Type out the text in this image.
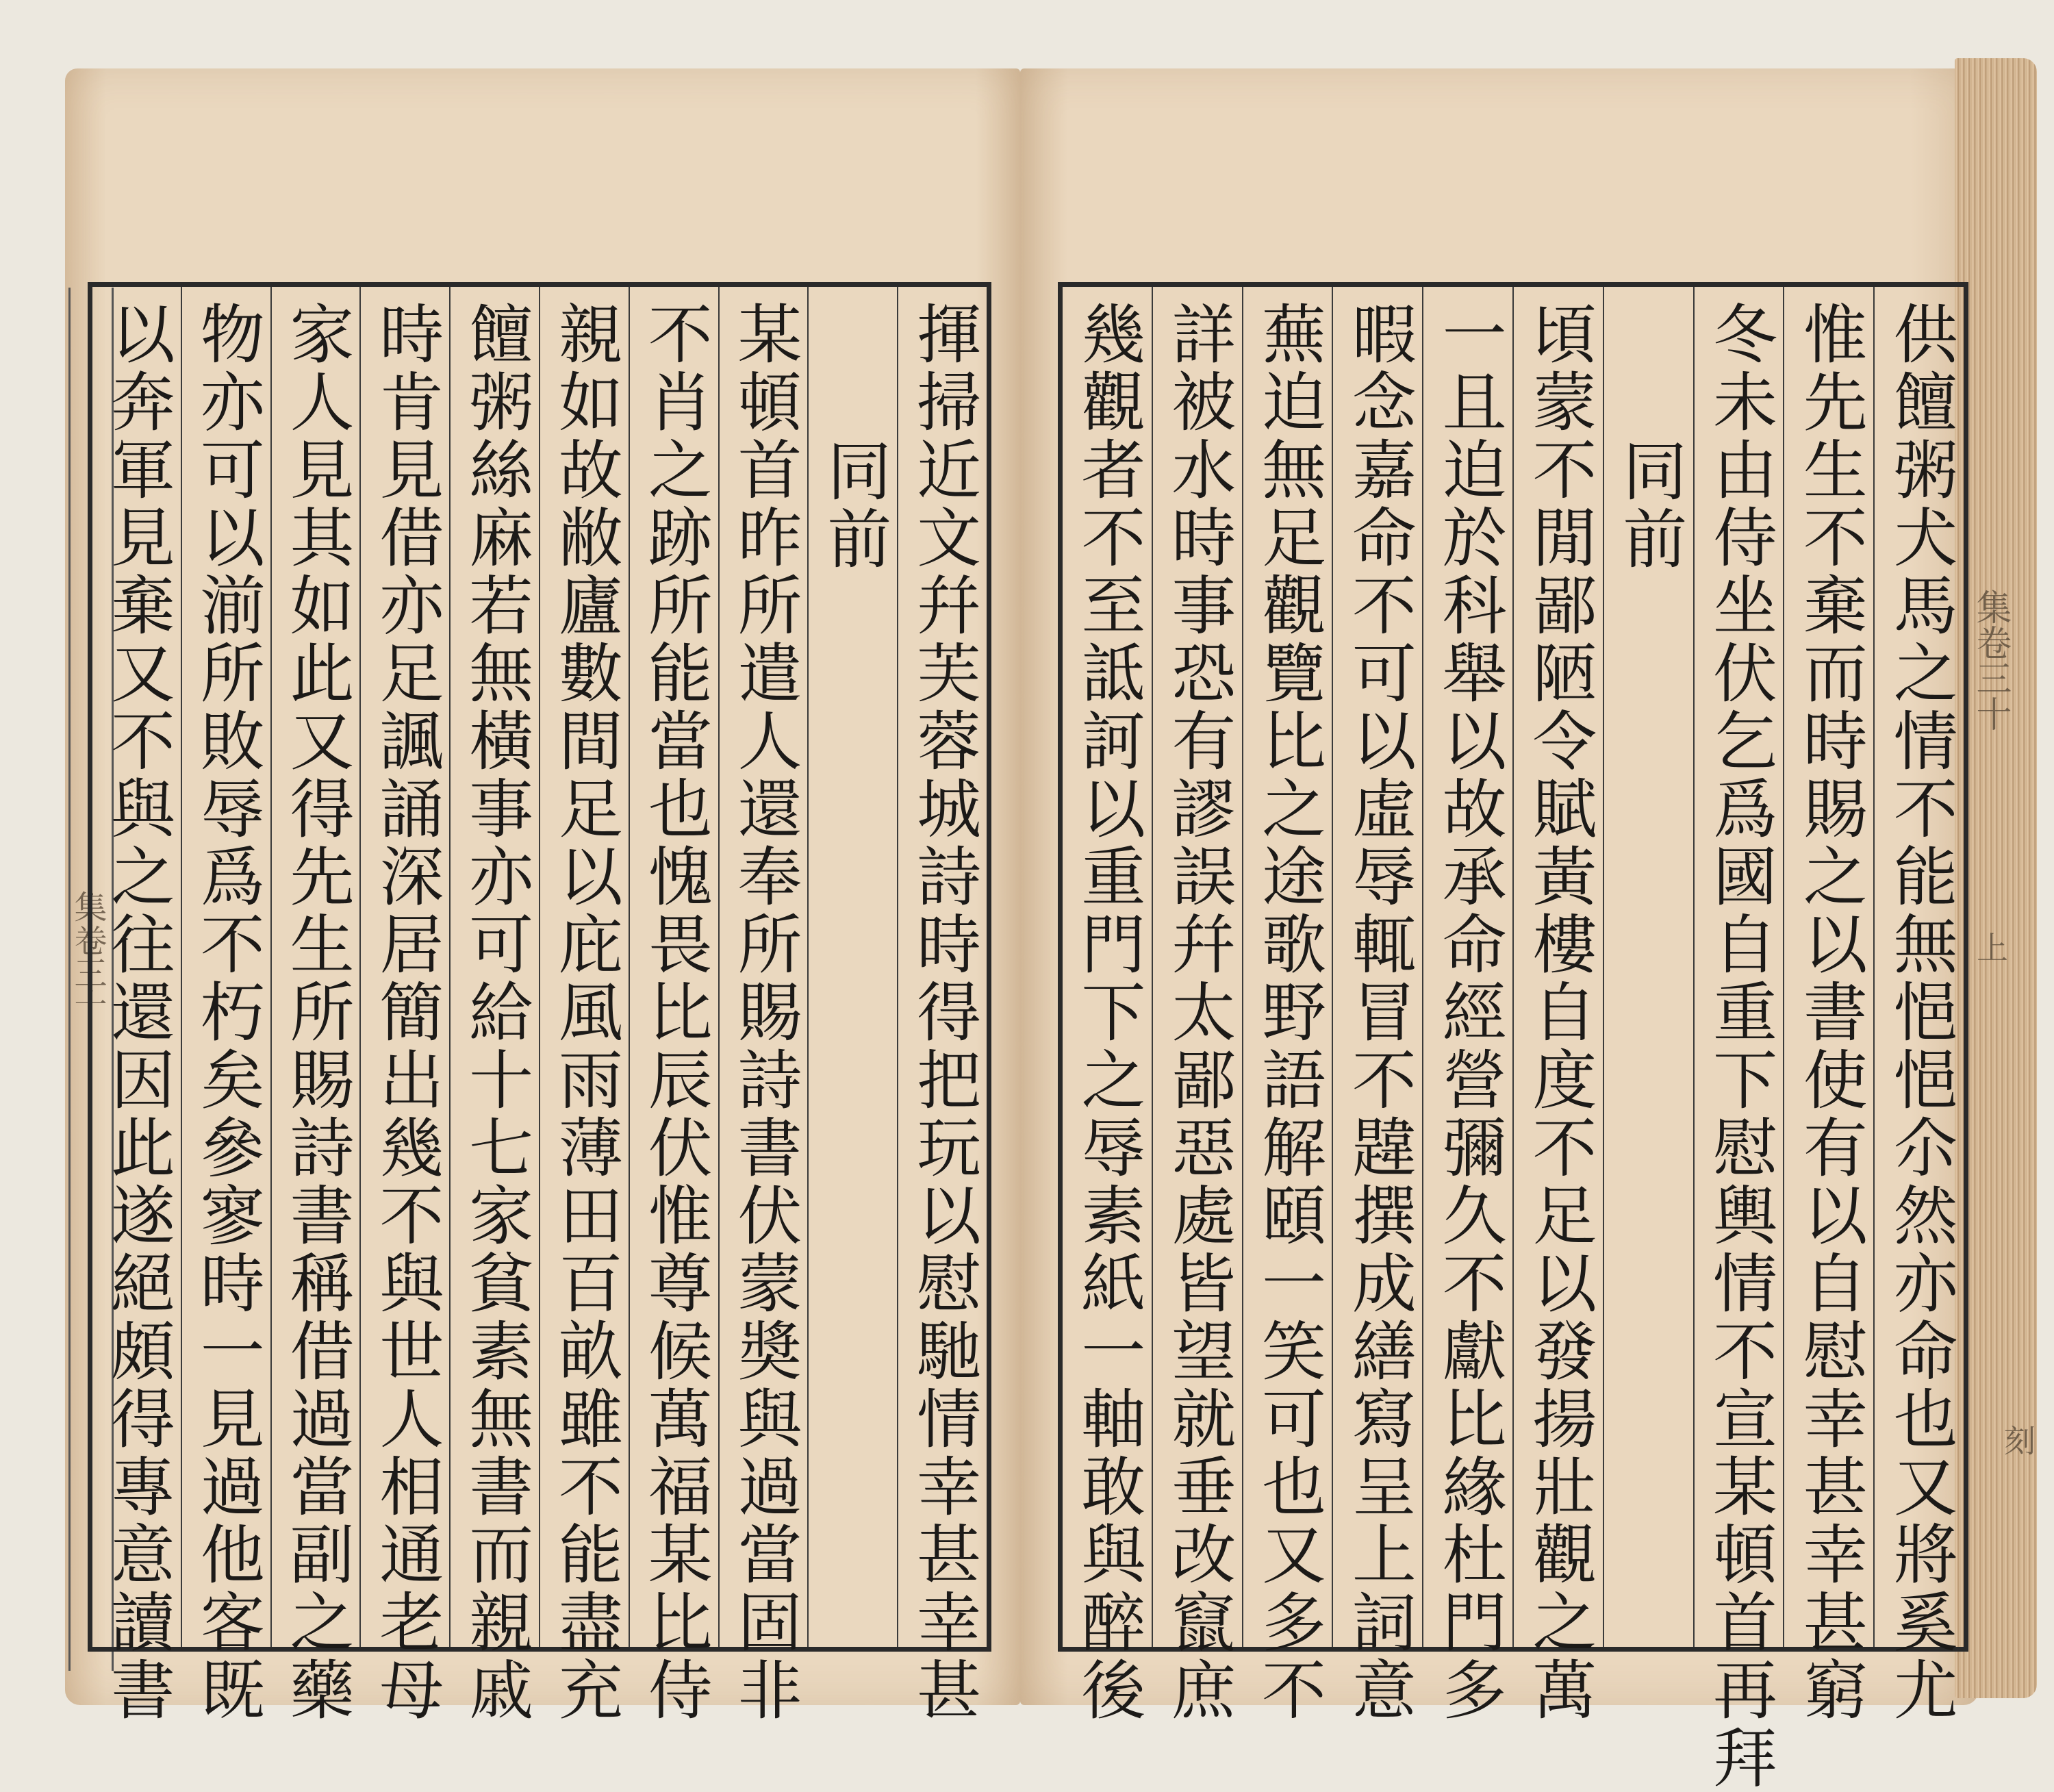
集卷三十	揮掃近文幷芙蓉城詩時得把玩以慰馳情幸甚幸甚
同前
某頓首昨所遣人還奉所賜詩書伏蒙奬與過當固非
不肖之跡所能當也愧畏比辰伏惟尊候萬福某比侍
親如故敝廬數間足以庇風雨薄田百畝雖不能盡充
饘粥絲麻若無橫事亦可給十七家貧素無書而親戚
時肯見借亦足諷誦深居簡出幾不與世人相通老母
家人見其如此又得先生所賜詩書稱借過當副之藥
物亦可以湔所敗辱爲不朽矣參寥時一見過他客既
以奔軍見棄又不與之往還因此遂絕頗得專意讀書	供饘粥犬馬之情不能無悒悒尒然亦命也又將奚尤
惟先生不棄而時賜之以書使有以自慰幸甚幸甚窮
冬未由侍坐伏乞爲國自重下慰輿情不宣某頓首再拜
同前
頃蒙不閒鄙陋令賦黃樓自度不足以發揚壯觀之萬
一且迫於科舉以故承命經營彌久不獻比緣杜門多
暇念嘉命不可以虛辱輒冒不韙撰成繕寫呈上詞意
蕪迫無足觀覽比之途歌野語解頤一笑可也又多不
詳被水時事恐有謬誤幷太鄙惡處皆望就垂改竄庶
幾觀者不至詆訶以重門下之辱素紙一軸敢與醉後	集卷三十
上
刻
